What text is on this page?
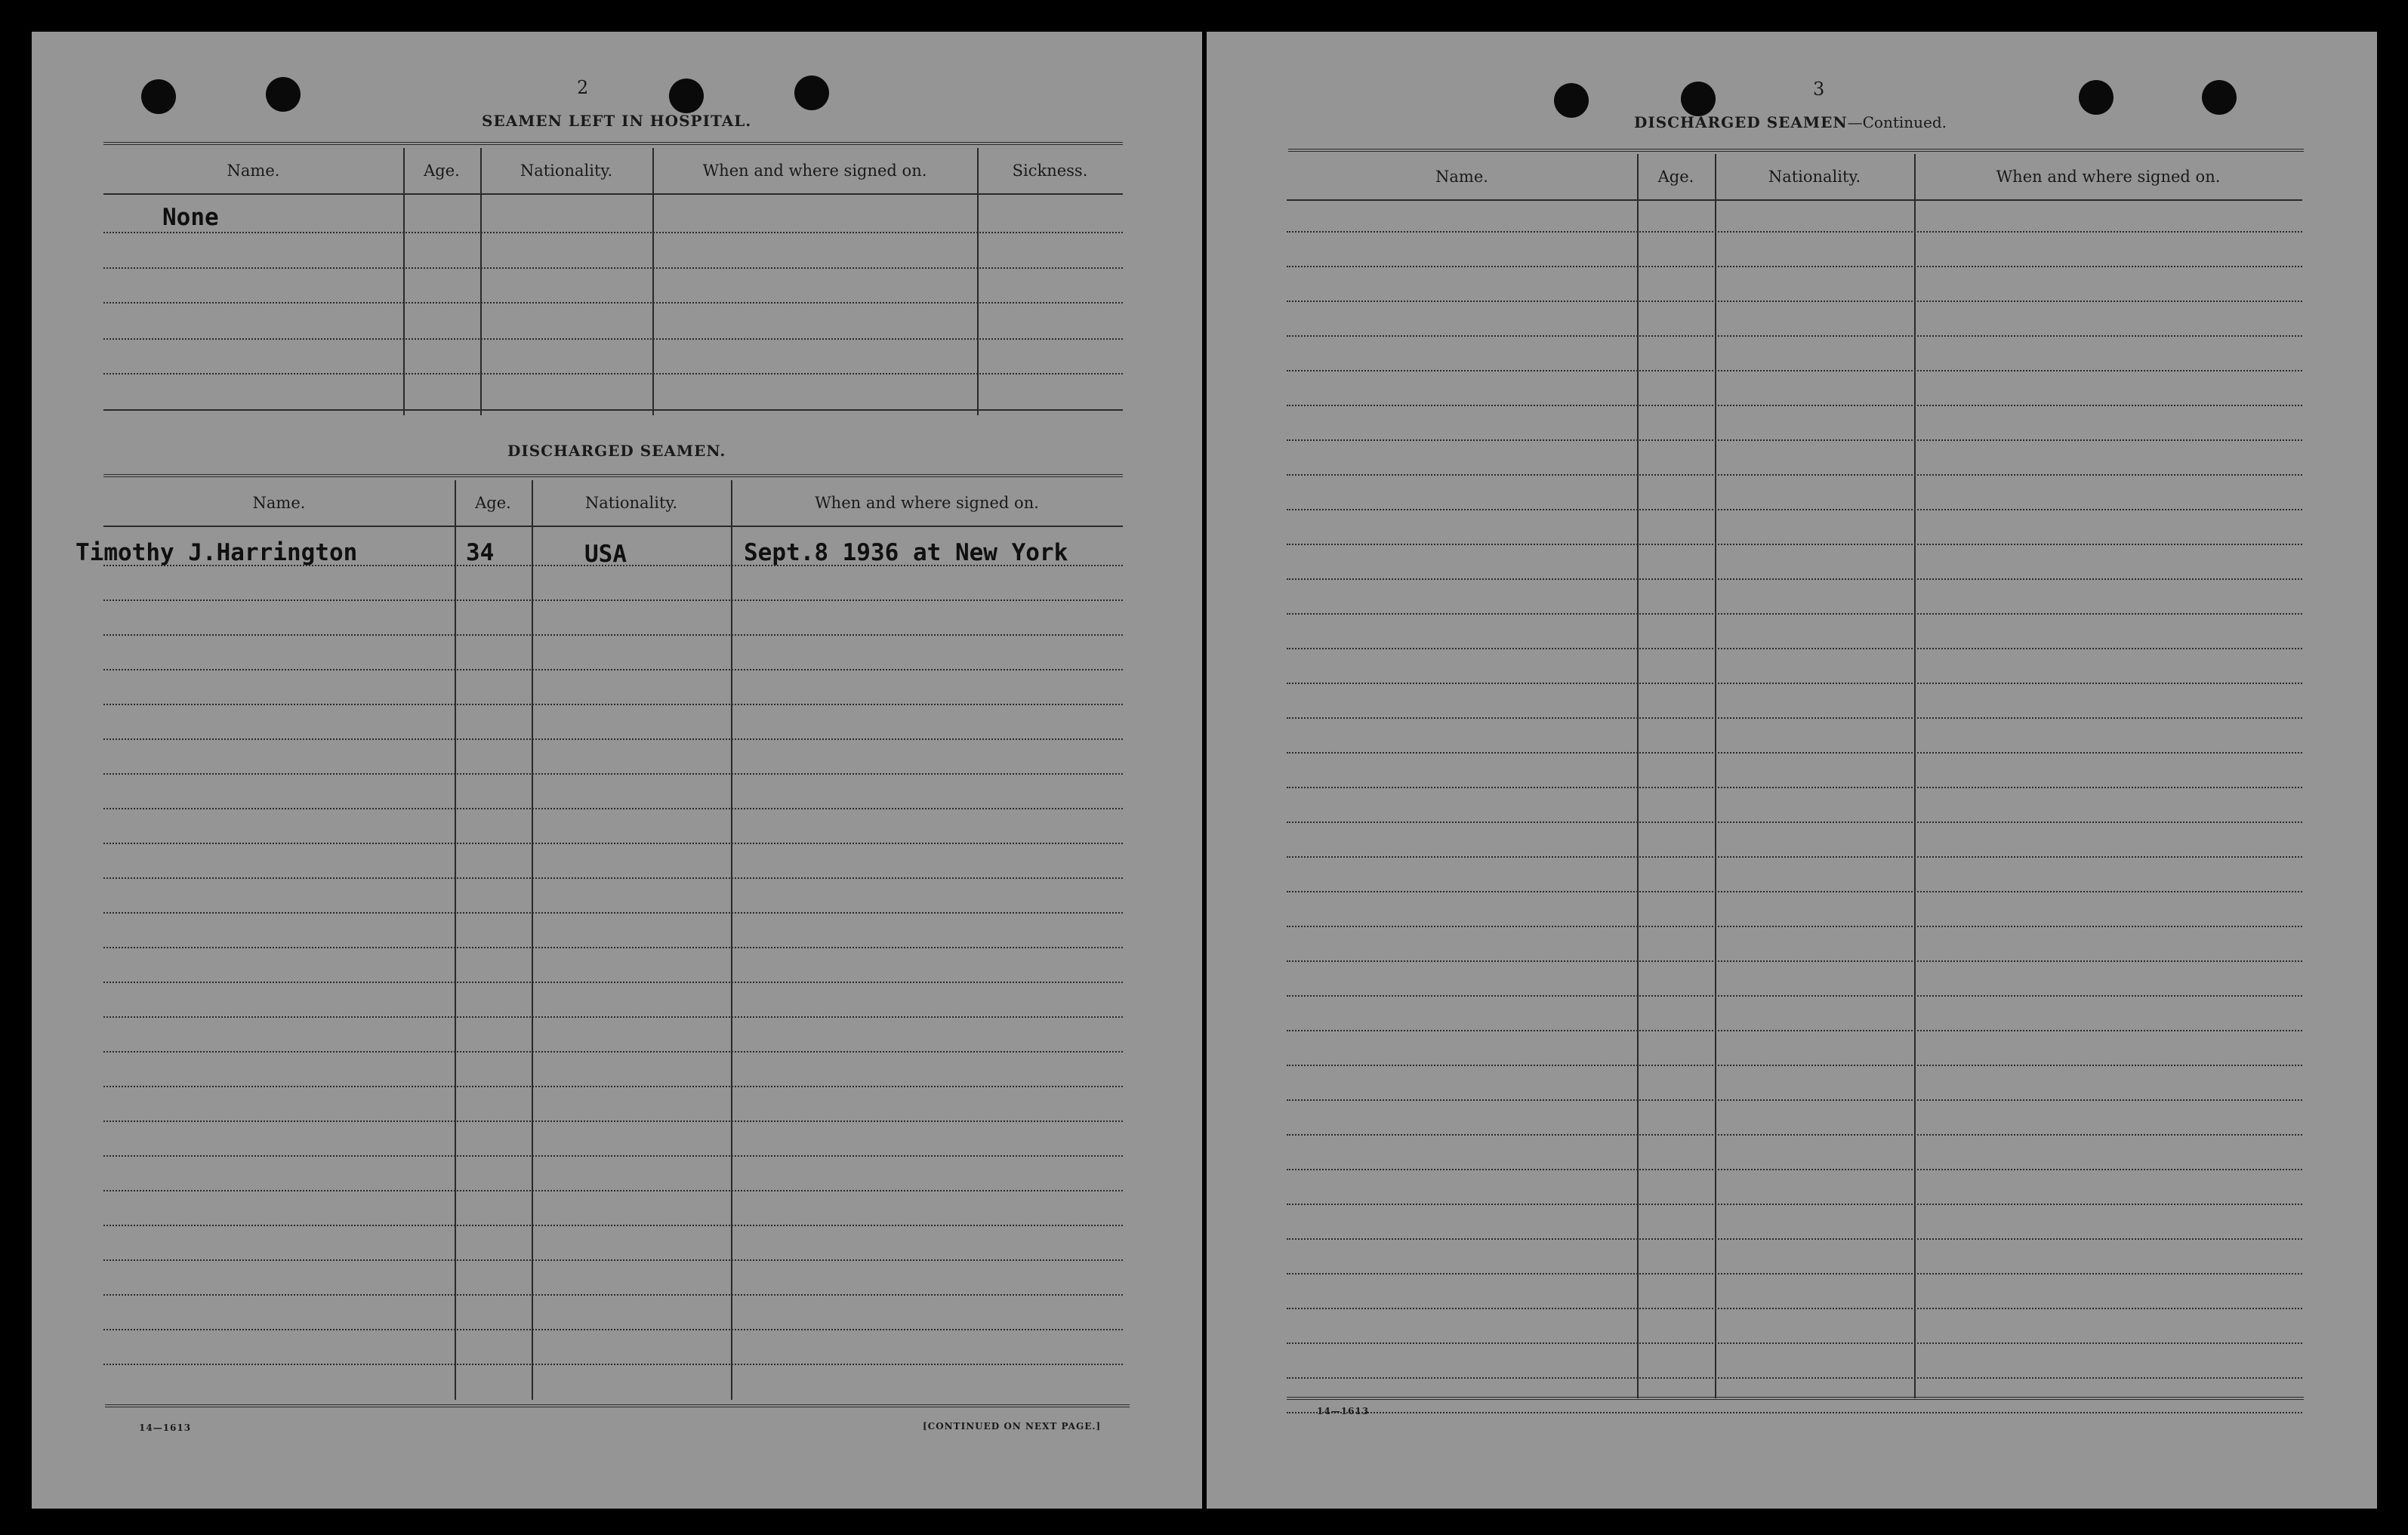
2
SEAMEN LEFT IN HOSPITAL.
Name.	Age.	Nationality.	When and where signed on.	Sickness.
None
DISCHARGED SEAMEN.
Name.	Age.	Nationality.	When and where signed on.
Timothy J.Harrington	34	USA	Sept.8 1936 at New York
14—1613	[CONTINUED ON NEXT PAGE.]
3
DISCHARGED SEAMEN—Continued.
Name.	Age.	Nationality.	When and where signed on.
14—1613
